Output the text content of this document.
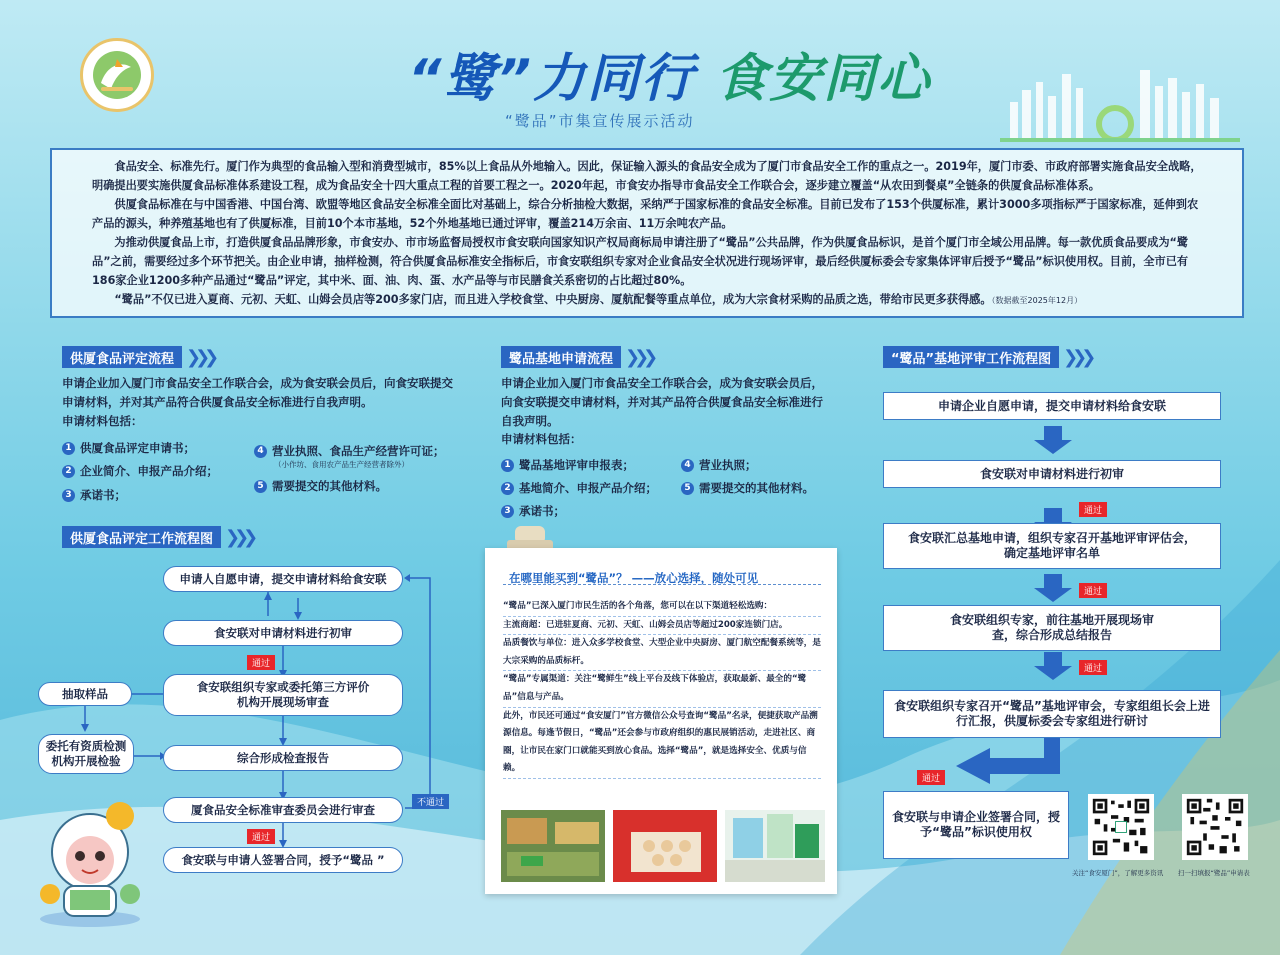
“鹭”力同行 食安同心
“鹭品”市集宣传展示活动

食品安全、标准先行。厦门作为典型的食品输入型和消费型城市，85%以上食品从外地输入。因此，保证输入源头的食品安全成为了厦门市食品安全工作的重点之一。2019年，厦门市委、市政府部署实施食品安全战略，明确提出要实施供厦食品标准体系建设工程，成为食品安全十四大重点工程的首要工程之一。2020年起，市食安办指导市食品安全工作联合会，逐步建立覆盖“从农田到餐桌”全链条的供厦食品标准体系。

供厦食品标准在与中国香港、中国台湾、欧盟等地区食品安全标准全面比对基础上，综合分析抽检大数据，采纳严于国家标准的食品安全标准。目前已发布了153个供厦标准，累计3000多项指标严于国家标准，延伸到农产品的源头，种养殖基地也有了供厦标准，目前10个本市基地，52个外地基地已通过评审，覆盖214万余亩、11万余吨农产品。

为推动供厦食品上市，打造供厦食品品牌形象，市食安办、市市场监督局授权市食安联向国家知识产权局商标局申请注册了“鹭品”公共品牌，作为供厦食品标识，是首个厦门市全域公用品牌。每一款优质食品要成为“鹭品”之前，需要经过多个环节把关。由企业申请，抽样检测，符合供厦食品标准安全指标后，市食安联组织专家对企业食品安全状况进行现场评审，最后经供厦标委会专家集体评审后授予“鹭品”标识使用权。目前，全市已有186家企业1200多种产品通过“鹭品”评定，其中米、面、油、肉、蛋、水产品等与市民膳食关系密切的占比超过80%。

“鹭品”不仅已进入夏商、元初、天虹、山姆会员店等200多家门店，而且进入学校食堂、中央厨房、厦航配餐等重点单位，成为大宗食材采购的品质之选，带给市民更多获得感。（数据截至2025年12月）

供厦食品评定流程 ❯❯❯
申请企业加入厦门市食品安全工作联合会，成为食安联会员后，向食安联提交申请材料，并对其产品符合供厦食品安全标准进行自我声明。
申请材料包括：
1 供厦食品评定申请书；
2 企业简介、申报产品介绍；
3 承诺书；
4 营业执照、食品生产经营许可证；
（小作坊、食用农产品生产经营者除外）
5 需要提交的其他材料。
供厦食品评定工作流程图 ❯❯❯
申请人自愿申请，提交申请材料给食安联
食安联对申请材料进行初审
通过
食安联组织专家或委托第三方评价机构开展现场审查
综合形成检查报告
厦食品安全标准审查委员会进行审查
通过
食安联与申请人签署合同，授予“鹭品 ”
抽取样品
委托有资质检测机构开展检验
不通过
鹭品基地申请流程 ❯❯❯
申请企业加入厦门市食品安全工作联合会，成为食安联会员后，向食安联提交申请材料，并对其产品符合供厦食品安全标准进行自我声明。
申请材料包括：
1 鹭品基地评审申报表；
2 基地简介、申报产品介绍；
3 承诺书；
4 营业执照；
5 需要提交的其他材料。
在哪里能买到“鹭品”？ ——放心选择，随处可见

“鹭品”已深入厦门市民生活的各个角落，您可以在以下渠道轻松选购：

主流商超：已进驻夏商、元初、天虹、山姆会员店等超过200家连锁门店。

品质餐饮与单位：进入众多学校食堂、大型企业中央厨房、厦门航空配餐系统等，是大宗采购的品质标杆。

“鹭品”专属渠道：关注“鹭鲜生”线上平台及线下体验店，获取最新、最全的“鹭品”信息与产品。

此外，市民还可通过“食安厦门”官方微信公众号查询“鹭品”名录，便捷获取产品溯源信息。每逢节假日，“鹭品”还会参与市政府组织的惠民展销活动，走进社区、商圈，让市民在家门口就能买到放心食品。选择“鹭品”，就是选择安全、优质与信赖。

“鹭品”基地评审工作流程图 ❯❯❯
申请企业自愿申请，提交申请材料给食安联
食安联对申请材料进行初审
通过
食安联汇总基地申请，组织专家召开基地评审评估会，确定基地评审名单
通过
食安联组织专家，前往基地开展现场审查，综合形成总结报告
通过
食安联组织专家召开“鹭品”基地评审会，专家组组长会上进行汇报，供厦标委会专家组进行研讨
通过
食安联与申请企业签署合同，授予“鹭品”标识使用权
关注“食安厦门”，了解更多资讯 扫一扫填报“鹭品”申请表
